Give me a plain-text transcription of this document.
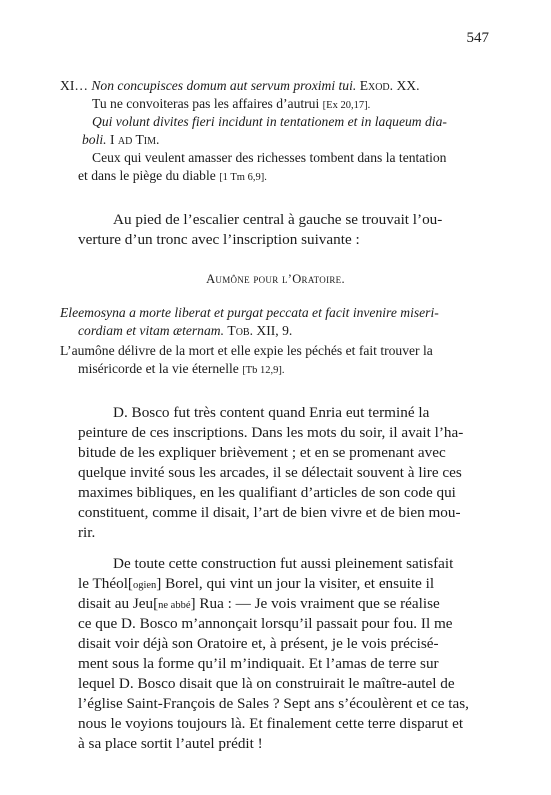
547
XI… Non concupisces domum aut servum proximi tui. Exod. XX.
Tu ne convoiteras pas les affaires d’autrui [Ex 20,17].
Qui volunt divites fieri incidunt in tentationem et in laqueum dia-
boli. I ad Tim.
Ceux qui veulent amasser des richesses tombent dans la tentation
et dans le piège du diable [1 Tm 6,9].
Au pied de l’escalier central à gauche se trouvait l’ou-
verture d’un tronc avec l’inscription suivante :
Aumône pour l’Oratoire.
Eleemosyna a morte liberat et purgat peccata et facit invenire miseri-
cordiam et vitam æternam. Tob. XII, 9.
L’aumône délivre de la mort et elle expie les péchés et fait trouver la
miséricorde et la vie éternelle [Tb 12,9].
D. Bosco fut très content quand Enria eut terminé la
peinture de ces inscriptions. Dans les mots du soir, il avait l’ha-
bitude de les expliquer brièvement ; et en se promenant avec
quelque invité sous les arcades, il se délectait souvent à lire ces
maximes bibliques, en les qualifiant d’articles de son code qui
constituent, comme il disait, l’art de bien vivre et de bien mou-
rir.
De toute cette construction fut aussi pleinement satisfait
le Théol[ogien] Borel, qui vint un jour la visiter, et ensuite il
disait au Jeu[ne abbé] Rua : — Je vois vraiment que se réalise
ce que D. Bosco m’annonçait lorsqu’il passait pour fou. Il me
disait voir déjà son Oratoire et, à présent, je le vois précisé-
ment sous la forme qu’il m’indiquait. Et l’amas de terre sur
lequel D. Bosco disait que là on construirait le maître-autel de
l’église Saint-François de Sales ? Sept ans s’écoulèrent et ce tas,
nous le voyions toujours là. Et finalement cette terre disparut et
à sa place sortit l’autel prédit !
